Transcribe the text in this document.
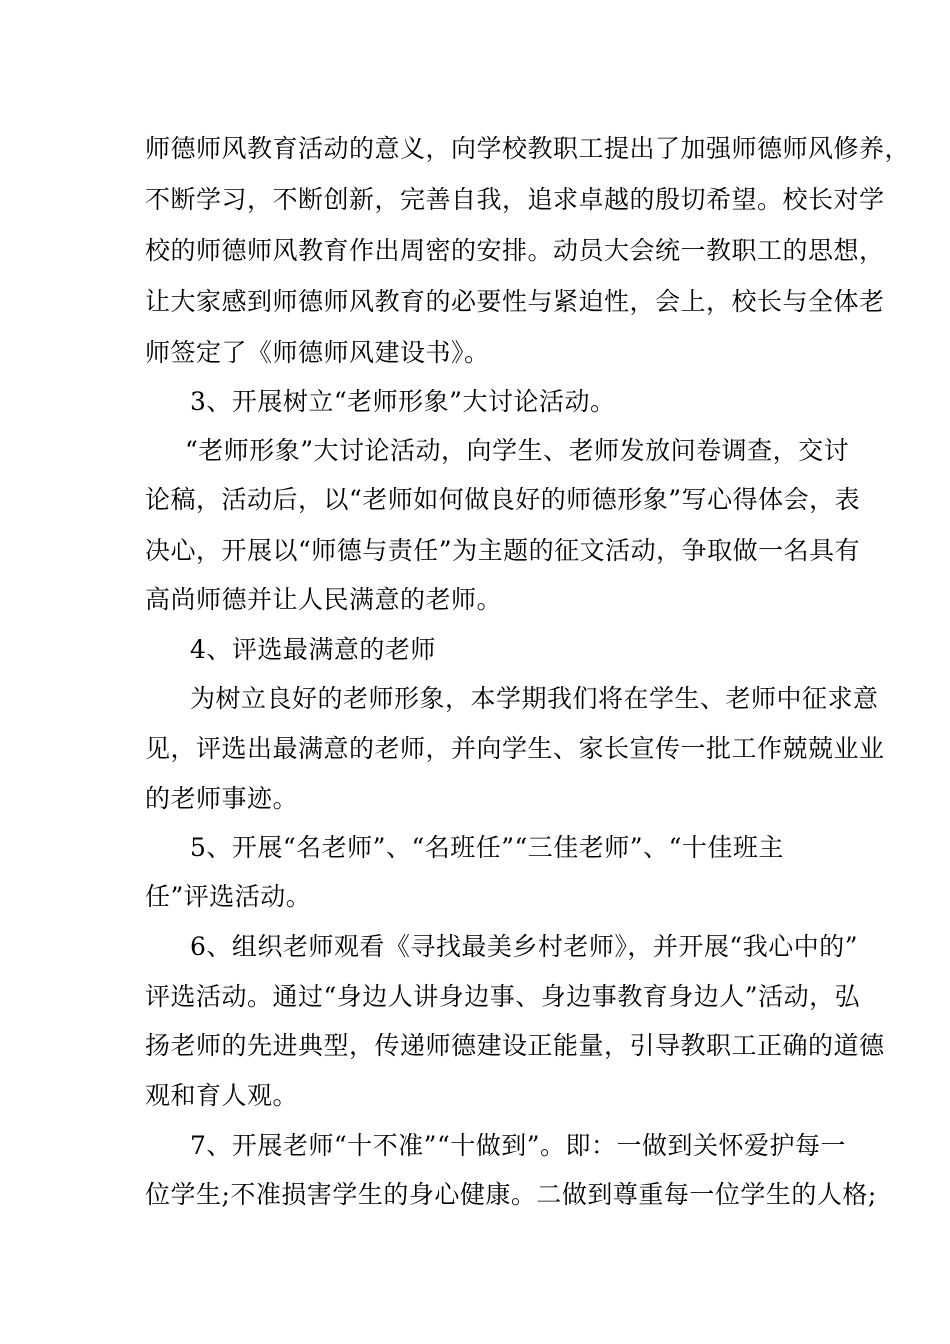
师德师风教育活动的意义，向学校教职工提出了加强师德师风修养，
不断学习，不断创新，完善自我，追求卓越的殷切希望。校长对学
校的师德师风教育作出周密的安排。动员大会统一教职工的思想，
让大家感到师德师风教育的必要性与紧迫性，会上，校长与全体老
师签定了《师德师风建设书》。
3、开展树立“老师形象”大讨论活动。
“老师形象”大讨论活动，向学生、老师发放问卷调查，交讨
论稿，活动后，以“老师如何做良好的师德形象”写心得体会，表
决心，开展以“师德与责任”为主题的征文活动，争取做一名具有
高尚师德并让人民满意的老师。
4、评选最满意的老师
为树立良好的老师形象，本学期我们将在学生、老师中征求意
见，评选出最满意的老师，并向学生、家长宣传一批工作兢兢业业
的老师事迹。
5、开展“名老师”、“名班任”“三佳老师”、“十佳班主
任”评选活动。
6、组织老师观看《寻找最美乡村老师》，并开展“我心中的”
评选活动。通过“身边人讲身边事、身边事教育身边人”活动，弘
扬老师的先进典型，传递师德建设正能量，引导教职工正确的道德
观和育人观。
7、开展老师“十不准”“十做到”。即：一做到关怀爱护每一
位学生;不准损害学生的身心健康。二做到尊重每一位学生的人格;
